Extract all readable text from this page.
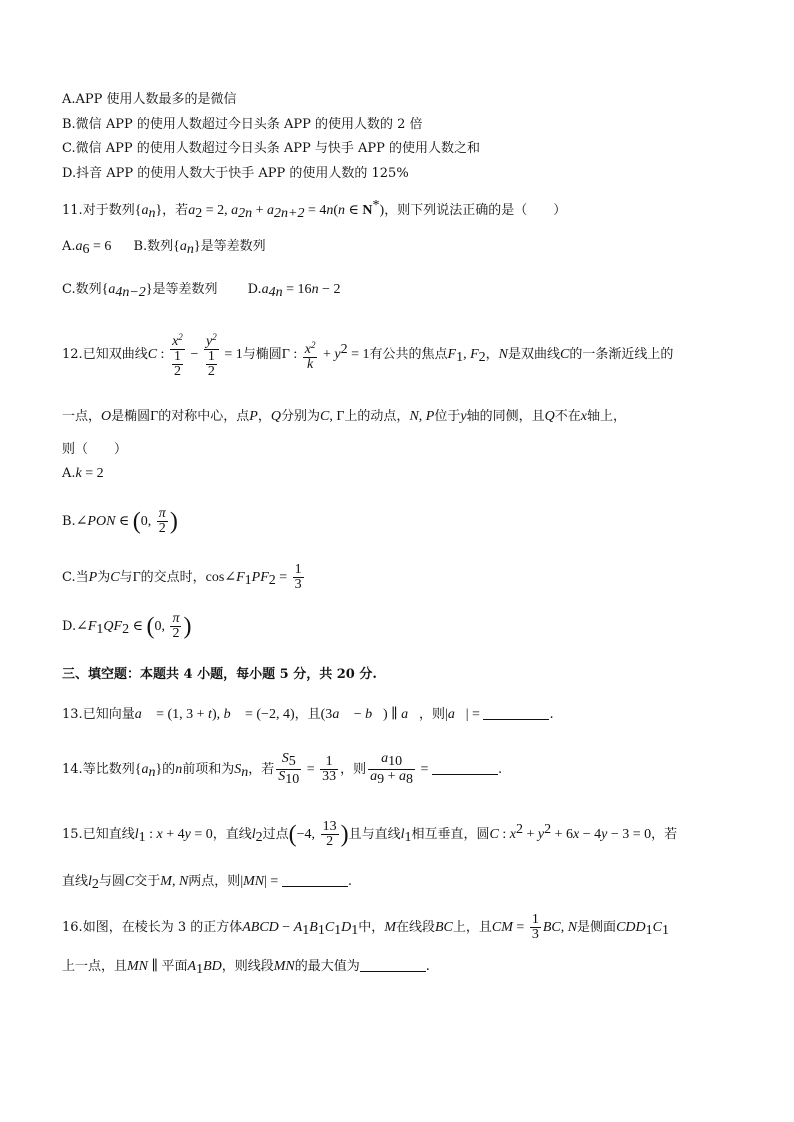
A.APP 使用人数最多的是微信
B.微信 APP 的使用人数超过今日头条 APP 的使用人数的 2 倍
C.微信 APP 的使用人数超过今日头条 APP 与快手 APP 的使用人数之和
D.抖音 APP 的使用人数大于快手 APP 的使用人数的 125%
11.对于数列$\{a_n\}$，若$a_2 = 2$, $a_{2n} + a_{2n+2} = 4n(n$ ∈ N*)，则下列说法正确的是（　　）
$A.a_6 = 6$ B.数列$\{a_n\}$是等差数列
C.数列$\{a_{4n-2}\}$是等差数列 $D.a_{4n} = 16n - 2$
12.已知双曲线C : $x^2$
1
$2 - y^2$
1
2 = 1与椭圆Γ : $\frac{x^2}{k} + y^2 = 1$有公共的焦点$F_1$, $F_2$，N是双曲线C的一条渐近线上的
一点，O是椭圆Γ的对称中心，点P，Q分别为C, Γ上的动点，N, P位于y轴的同侧，且Q不在x轴上，
则（　　）
A.k = 2
B.∠PON ∈ (0, $\frac{\pi}{2}$ )
C.当P为C与Γ的交点时，$\cos\angle F_1PF_2 = \frac{1}{3}$
$D.\angle F_1QF_2$ ∈ (0, $\frac{\pi}{2}$ )
三、填空题：本题共 4 小题，每小题 5 分，共 20 分.
13.已知向量a⃗ = (1, 3 + t), b⃗ = (−2, 4)，且(3a⃗ − b⃗) ∥ a⃗，则|a⃗| =	.
14.等比数列$\{a_n\}$的n前项和为$S_n$，若 $\frac{S_5}{S_{10}} = \frac{1}{33}$ ，则 $\frac{a_{10}}{a_9 + a_8}$ =	.
15.已知直线$l_1$ : x + 4y = 0，直线$l_2$过点(−4, $\frac{13}{2}$ )且与直线$l_1$相互垂直，圆C : $x^2 + y^2 + 6x - 4y - 3 = 0$，若
直线$l_2$与圆C交于M, N两点，则|MN| =	.
16.如图，在棱长为 3 的正方体ABCD − $A_1B_1C_1D_1$中，M在线段BC上，且CM = $\frac{1}{3}$ BC, N是侧面$CDD_1C_1$
上一点，且MN ∥ 平面$A_1BD$，则线段MN的最大值为	.
